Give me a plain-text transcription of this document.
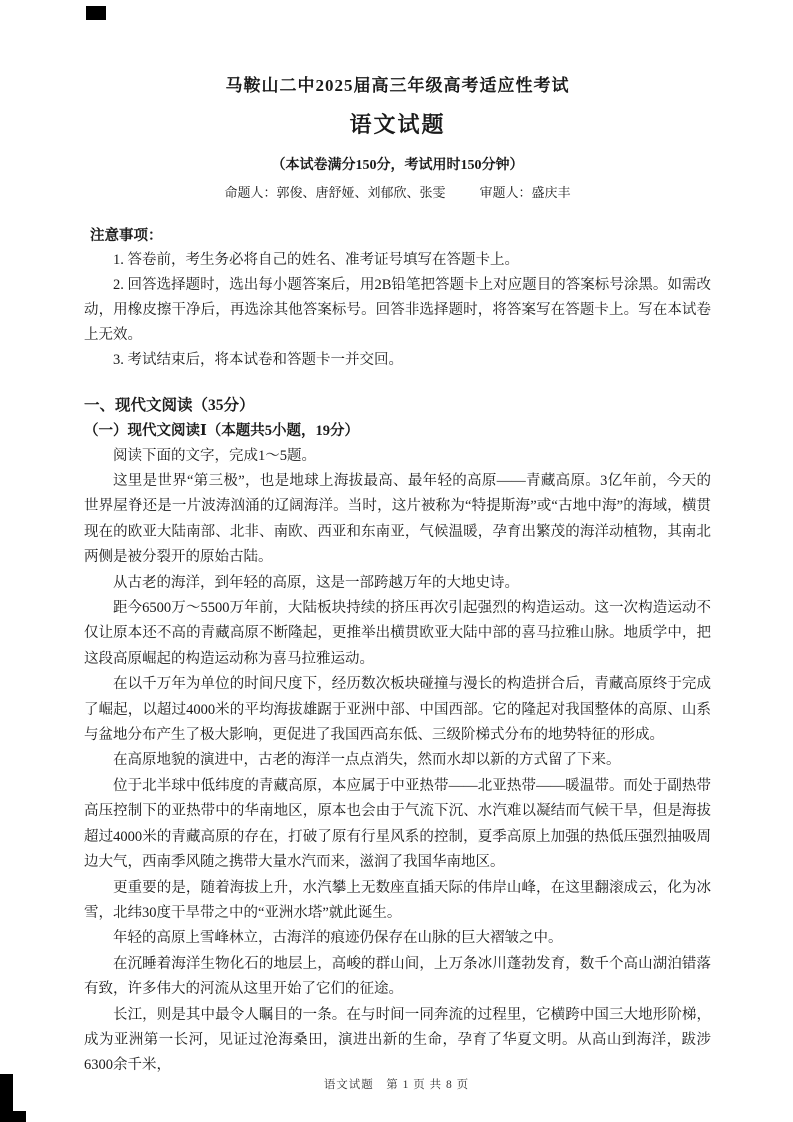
马鞍山二中2025届高三年级高考适应性考试
语文试题
（本试卷满分150分，考试用时150分钟）
命题人：郭俊、唐舒娅、刘郁欣、张雯	审题人：盛庆丰
注意事项：

1. 答卷前，考生务必将自己的姓名、准考证号填写在答题卡上。

2. 回答选择题时，选出每小题答案后，用2B铅笔把答题卡上对应题目的答案标号涂黑。如需改动，用橡皮擦干净后，再选涂其他答案标号。回答非选择题时，将答案写在答题卡上。写在本试卷上无效。

3. 考试结束后，将本试卷和答题卡一并交回。

一、现代文阅读（35分）
（一）现代文阅读Ⅰ（本题共5小题，19分）

阅读下面的文字，完成1～5题。

这里是世界“第三极”，也是地球上海拔最高、最年轻的高原——青藏高原。3亿年前，今天的世界屋脊还是一片波涛汹涌的辽阔海洋。当时，这片被称为“特提斯海”或“古地中海”的海域，横贯现在的欧亚大陆南部、北非、南欧、西亚和东南亚，气候温暖，孕育出繁茂的海洋动植物，其南北两侧是被分裂开的原始古陆。

从古老的海洋，到年轻的高原，这是一部跨越万年的大地史诗。

距今6500万～5500万年前，大陆板块持续的挤压再次引起强烈的构造运动。这一次构造运动不仅让原本还不高的青藏高原不断隆起，更推举出横贯欧亚大陆中部的喜马拉雅山脉。地质学中，把这段高原崛起的构造运动称为喜马拉雅运动。

在以千万年为单位的时间尺度下，经历数次板块碰撞与漫长的构造拼合后，青藏高原终于完成了崛起，以超过4000米的平均海拔雄踞于亚洲中部、中国西部。它的隆起对我国整体的高原、山系与盆地分布产生了极大影响，更促进了我国西高东低、三级阶梯式分布的地势特征的形成。

在高原地貌的演进中，古老的海洋一点点消失，然而水却以新的方式留了下来。

位于北半球中低纬度的青藏高原，本应属于中亚热带——北亚热带——暖温带。而处于副热带高压控制下的亚热带中的华南地区，原本也会由于气流下沉、水汽难以凝结而气候干旱，但是海拔超过4000米的青藏高原的存在，打破了原有行星风系的控制，夏季高原上加强的热低压强烈抽吸周边大气，西南季风随之携带大量水汽而来，滋润了我国华南地区。

更重要的是，随着海拔上升，水汽攀上无数座直插天际的伟岸山峰，在这里翻滚成云，化为冰雪，北纬30度干旱带之中的“亚洲水塔”就此诞生。

年轻的高原上雪峰林立，古海洋的痕迹仍保存在山脉的巨大褶皱之中。

在沉睡着海洋生物化石的地层上，高峻的群山间，上万条冰川蓬勃发育，数千个高山湖泊错落有致，许多伟大的河流从这里开始了它们的征途。

长江，则是其中最令人瞩目的一条。在与时间一同奔流的过程里，它横跨中国三大地形阶梯，成为亚洲第一长河，见证过沧海桑田，演进出新的生命，孕育了华夏文明。从高山到海洋，跋涉6300余千米，

语文试题　第 1 页 共 8 页
